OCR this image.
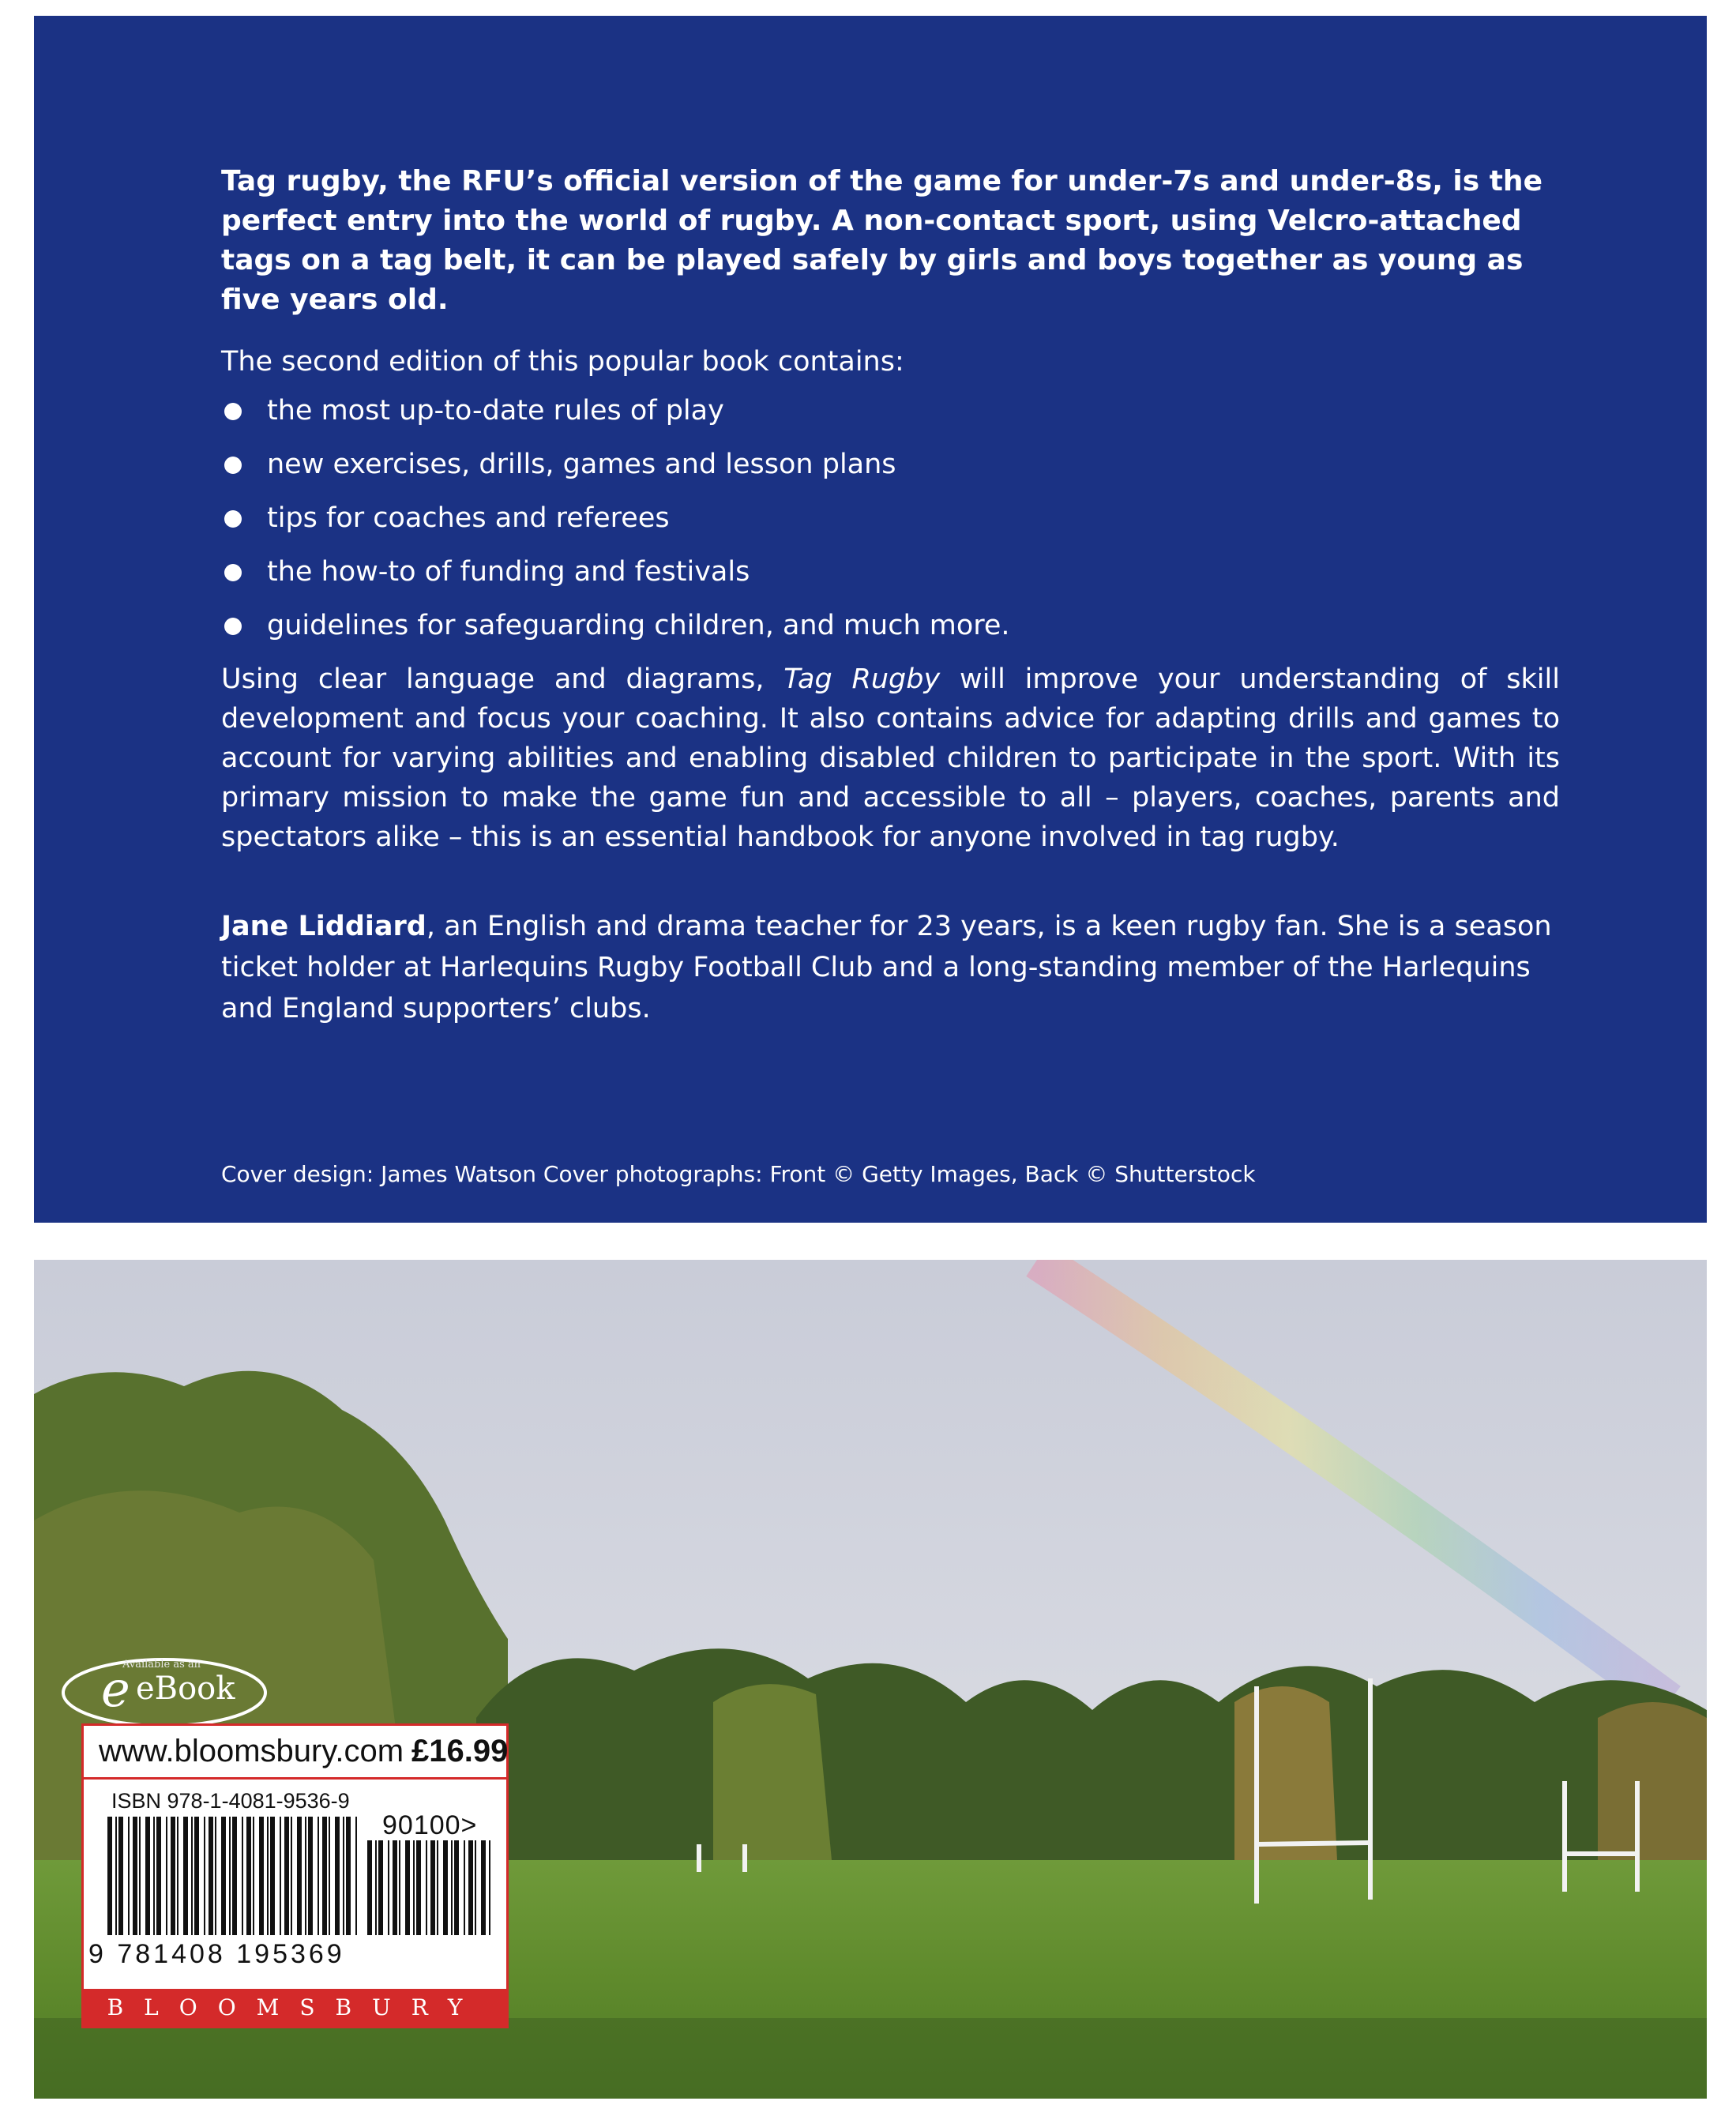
Tag rugby, the RFU’s official version of the game for under-7s and under-8s, is the perfect entry into the world of rugby. A non-contact sport, using Velcro-attached tags on a tag belt, it can be played safely by girls and boys together as young as five years old.

The second edition of this popular book contains:

the most up-to-date rules of play
new exercises, drills, games and lesson plans
tips for coaches and referees
the how-to of funding and festivals
guidelines for safeguarding children, and much more.

Using clear language and diagrams, Tag Rugby will improve your understanding of skill development and focus your coaching. It also contains advice for adapting drills and games to account for varying abilities and enabling disabled children to participate in the sport. With its primary mission to make the game fun and accessible to all – players, coaches, parents and spectators alike – this is an essential handbook for anyone involved in tag rugby.

Jane Liddiard, an English and drama teacher for 23 years, is a keen rugby fan. She is a season ticket holder at Harlequins Rugby Football Club and a long-standing member of the Harlequins and England supporters’ clubs.

Cover design: James Watson Cover photographs: Front © Getty Images, Back © Shutterstock
Available as an
e eBook
www.bloomsbury.com £16.99
ISBN 978-1-4081-9536-9
90100>
9 781408 195369
BLOOMSBURY
